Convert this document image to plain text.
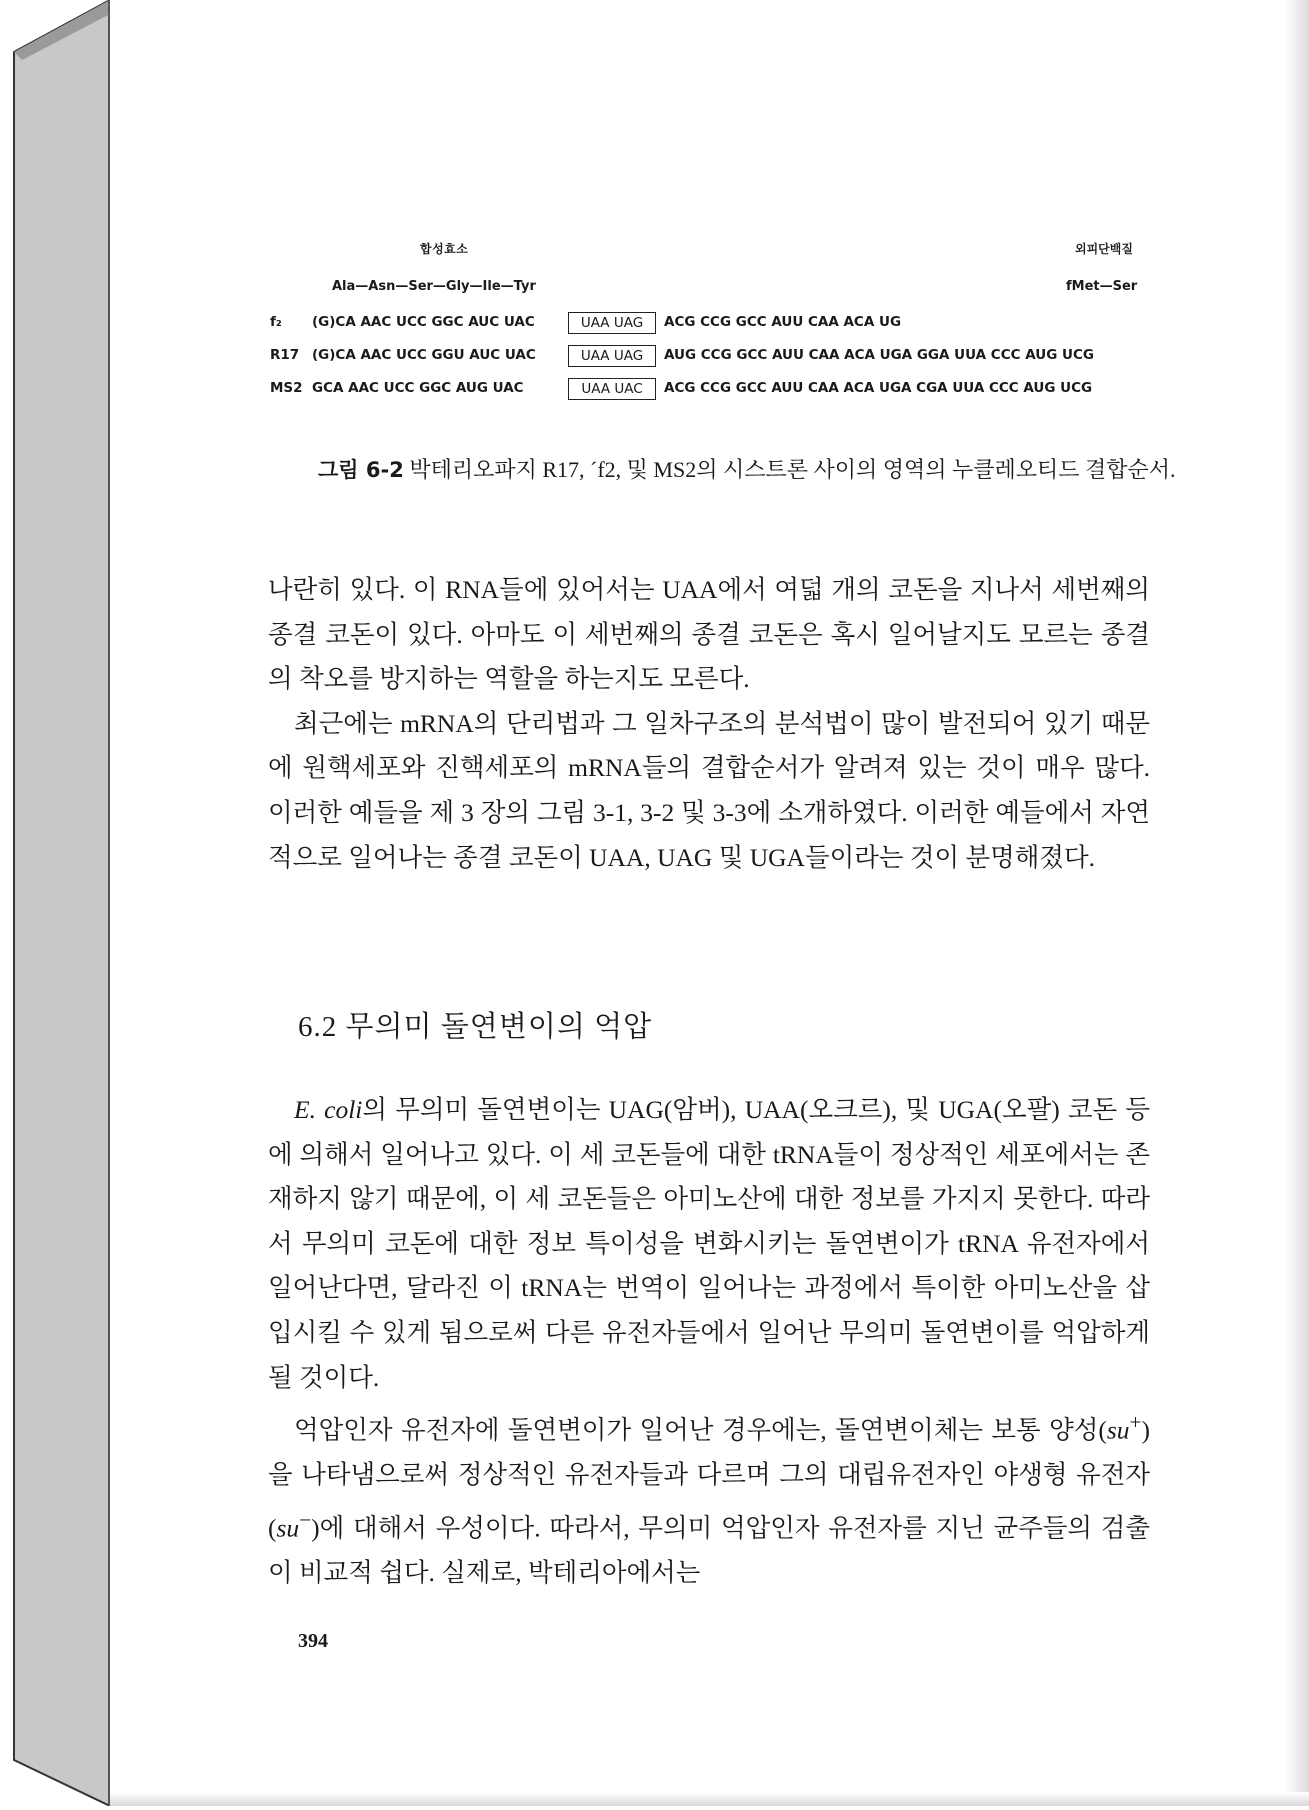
합성효소	외피단백질
Ala—Asn—Ser—Gly—Ile—Tyr	fMet—Ser
f₂	(G)CA AAC UCC GGC AUC UAC	UAA UAG	ACG CCG GCC AUU CAA ACA UG
R17 (G)CA AAC UCC GGU AUC UAC	UAA UAG	AUG CCG GCC AUU CAA ACA UGA GGA UUA CCC AUG UCG
MS2 GCA AAC UCC GGC AUG UAC	UAA UAC	ACG CCG GCC AUU CAA ACA UGA CGA UUA CCC AUG UCG
그림 6-2 박테리오파지 R17, ´f2, 및 MS2의 시스트론 사이의 영역의 누클레오티드 결합순서.

나란히 있다. 이 RNA들에 있어서는 UAA에서 여덟 개의 코돈을 지나서 세번째의 종결 코돈이 있다. 아마도 이 세번째의 종결 코돈은 혹시 일어날지도 모르는 종결의 착오를 방지하는 역할을 하는지도 모른다.

최근에는 mRNA의 단리법과 그 일차구조의 분석법이 많이 발전되어 있기 때문에 원핵세포와 진핵세포의 mRNA들의 결합순서가 알려져 있는 것이 매우 많다. 이러한 예들을 제 3 장의 그림 3-1, 3-2 및 3-3에 소개하였다. 이러한 예들에서 자연적으로 일어나는 종결 코돈이 UAA, UAG 및 UGA들이라는 것이 분명해졌다.

6.2 무의미 돌연변이의 억압

E. coli의 무의미 돌연변이는 UAG(암버), UAA(오크르), 및 UGA(오팔) 코돈 등에 의해서 일어나고 있다. 이 세 코돈들에 대한 tRNA들이 정상적인 세포에서는 존재하지 않기 때문에, 이 세 코돈들은 아미노산에 대한 정보를 가지지 못한다. 따라서 무의미 코돈에 대한 정보 특이성을 변화시키는 돌연변이가 tRNA 유전자에서 일어난다면, 달라진 이 tRNA는 번역이 일어나는 과정에서 특이한 아미노산을 삽입시킬 수 있게 됨으로써 다른 유전자들에서 일어난 무의미 돌연변이를 억압하게 될 것이다.

억압인자 유전자에 돌연변이가 일어난 경우에는, 돌연변이체는 보통 양성(su+)을 나타냄으로써 정상적인 유전자들과 다르며 그의 대립유전자인 야생형 유전자(su−)에 대해서 우성이다. 따라서, 무의미 억압인자 유전자를 지닌 균주들의 검출이 비교적 쉽다. 실제로, 박테리아에서는

394
